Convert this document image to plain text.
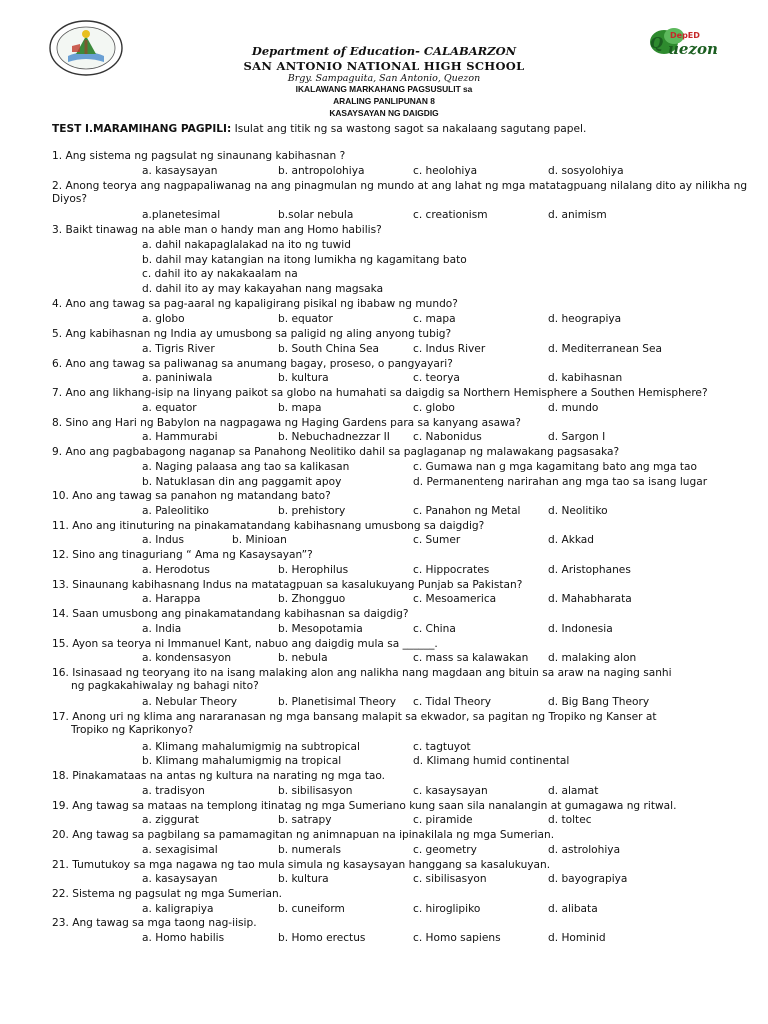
Q DepED
uezon
Department of Education- CALABARZON
SAN ANTONIO NATIONAL HIGH SCHOOL
Brgy. Sampaguita, San Antonio, Quezon
IKALAWANG MARKAHANG PAGSUSULIT sa
ARALING PANLIPUNAN 8
KASAYSAYAN NG DAIGDIG
TEST I.MARAMIHANG PAGPILI: Isulat ang titik ng sa wastong sagot sa nakalaang sagutang papel.
1. Ang sistema ng pagsulat ng sinaunang kabihasnan ?
a. kasaysayan	b. antropolohiya	c. heolohiya	d. sosyolohiya
2. Anong teorya ang nagpapaliwanag na ang pinagmulan ng mundo at ang lahat ng mga matatagpuang nilalang dito ay nilikha ng Diyos?
a.planetesimal	b.solar nebula	c. creationism	d. animism
3. Baikt tinawag na able man o handy man ang Homo habilis?
a. dahil nakapaglalakad na ito ng tuwid
b. dahil may katangian na itong lumikha ng kagamitang bato
c. dahil ito ay nakakaalam na
d. dahil ito ay may kakayahan nang magsaka
4. Ano ang tawag sa pag-aaral ng kapaligirang pisikal ng ibabaw ng mundo?
a. globo	b. equator	c. mapa	d. heograpiya
5. Ang kabihasnan ng India ay umusbong sa paligid ng aling anyong tubig?
a. Tigris River	b. South China Sea	c. Indus River	d. Mediterranean Sea
6. Ano ang tawag sa paliwanag sa anumang bagay, proseso, o pangyayari?
a. paniniwala	b. kultura	c. teorya	d. kabihasnan
7. Ano ang likhang-isip na linyang paikot sa globo na humahati sa daigdig sa Northern Hemisphere a Southen Hemisphere?
a. equator	b. mapa	c. globo	d. mundo
8. Sino ang Hari ng Babylon na nagpagawa ng Haging Gardens para sa kanyang asawa?
a. Hammurabi	b. Nebuchadnezzar II c. Nabonidus	d. Sargon I
9. Ano ang pagbabagong naganap sa Panahong Neolitiko dahil sa paglaganap ng malawakang pagsasaka?
a. Naging palaasa ang tao sa kalikasan	c. Gumawa nan g mga kagamitang bato ang mga tao
b. Natuklasan din ang paggamit apoy	d. Permanenteng narirahan ang mga tao sa isang lugar
10. Ano ang tawag sa panahon ng matandang bato?
a. Paleolitiko	b. prehistory	c. Panahon ng Metal	d. Neolitiko
11. Ano ang itinuturing na pinakamatandang kabihasnang umusbong sa daigdig?
a. Indus	b. Minioan	c. Sumer	d. Akkad
12. Sino ang tinaguriang “ Ama ng Kasaysayan”?
a. Herodotus	b. Herophilus	c. Hippocrates	d. Aristophanes
13. Sinaunang kabihasnang Indus na matatagpuan sa kasalukuyang Punjab sa Pakistan?
a. Harappa	b. Zhongguo	c. Mesoamerica	d. Mahabharata
14. Saan umusbong ang pinakamatandang kabihasnan sa daigdig?
a. India	b. Mesopotamia	c. China	d. Indonesia
15. Ayon sa teorya ni Immanuel Kant, nabuo ang daigdig mula sa ______.
a. kondensasyon	b. nebula	c. mass sa kalawakan d. malaking alon
16. Isinasaad ng teoryang ito na isang malaking alon ang nalikha nang magdaan ang bituin sa araw na naging sanhi
ng pagkakahiwalay ng bahagi nito?
a. Nebular Theory	b. Planetisimal Theory c. Tidal Theory	d. Big Bang Theory
17. Anong uri ng klima ang nararanasan ng mga bansang malapit sa ekwador, sa pagitan ng Tropiko ng Kanser at
Tropiko ng Kaprikonyo?
a. Klimang mahalumigmig na subtropical	c. tagtuyot
b. Klimang mahalumigmig na tropical	d. Klimang humid continental
18. Pinakamataas na antas ng kultura na narating ng mga tao.
a. tradisyon	b. sibilisasyon	c. kasaysayan	d. alamat
19. Ang tawag sa mataas na templong itinatag ng mga Sumeriano kung saan sila nanalangin at gumagawa ng ritwal.
a. ziggurat	b. satrapy	c. piramide	d. toltec
20. Ang tawag sa pagbilang sa pamamagitan ng animnapuan na ipinakilala ng mga Sumerian.
a. sexagisimal	b. numerals	c. geometry	d. astrolohiya
21. Tumutukoy sa mga nagawa ng tao mula simula ng kasaysayan hanggang sa kasalukuyan.
a. kasaysayan	b. kultura	c. sibilisasyon	d. bayograpiya
22. Sistema ng pagsulat ng mga Sumerian.
a. kaligrapiya	b. cuneiform	c. hiroglipiko	d. alibata
23. Ang tawag sa mga taong nag-iisip.
a. Homo habilis	b. Homo erectus	c. Homo sapiens	d. Hominid
